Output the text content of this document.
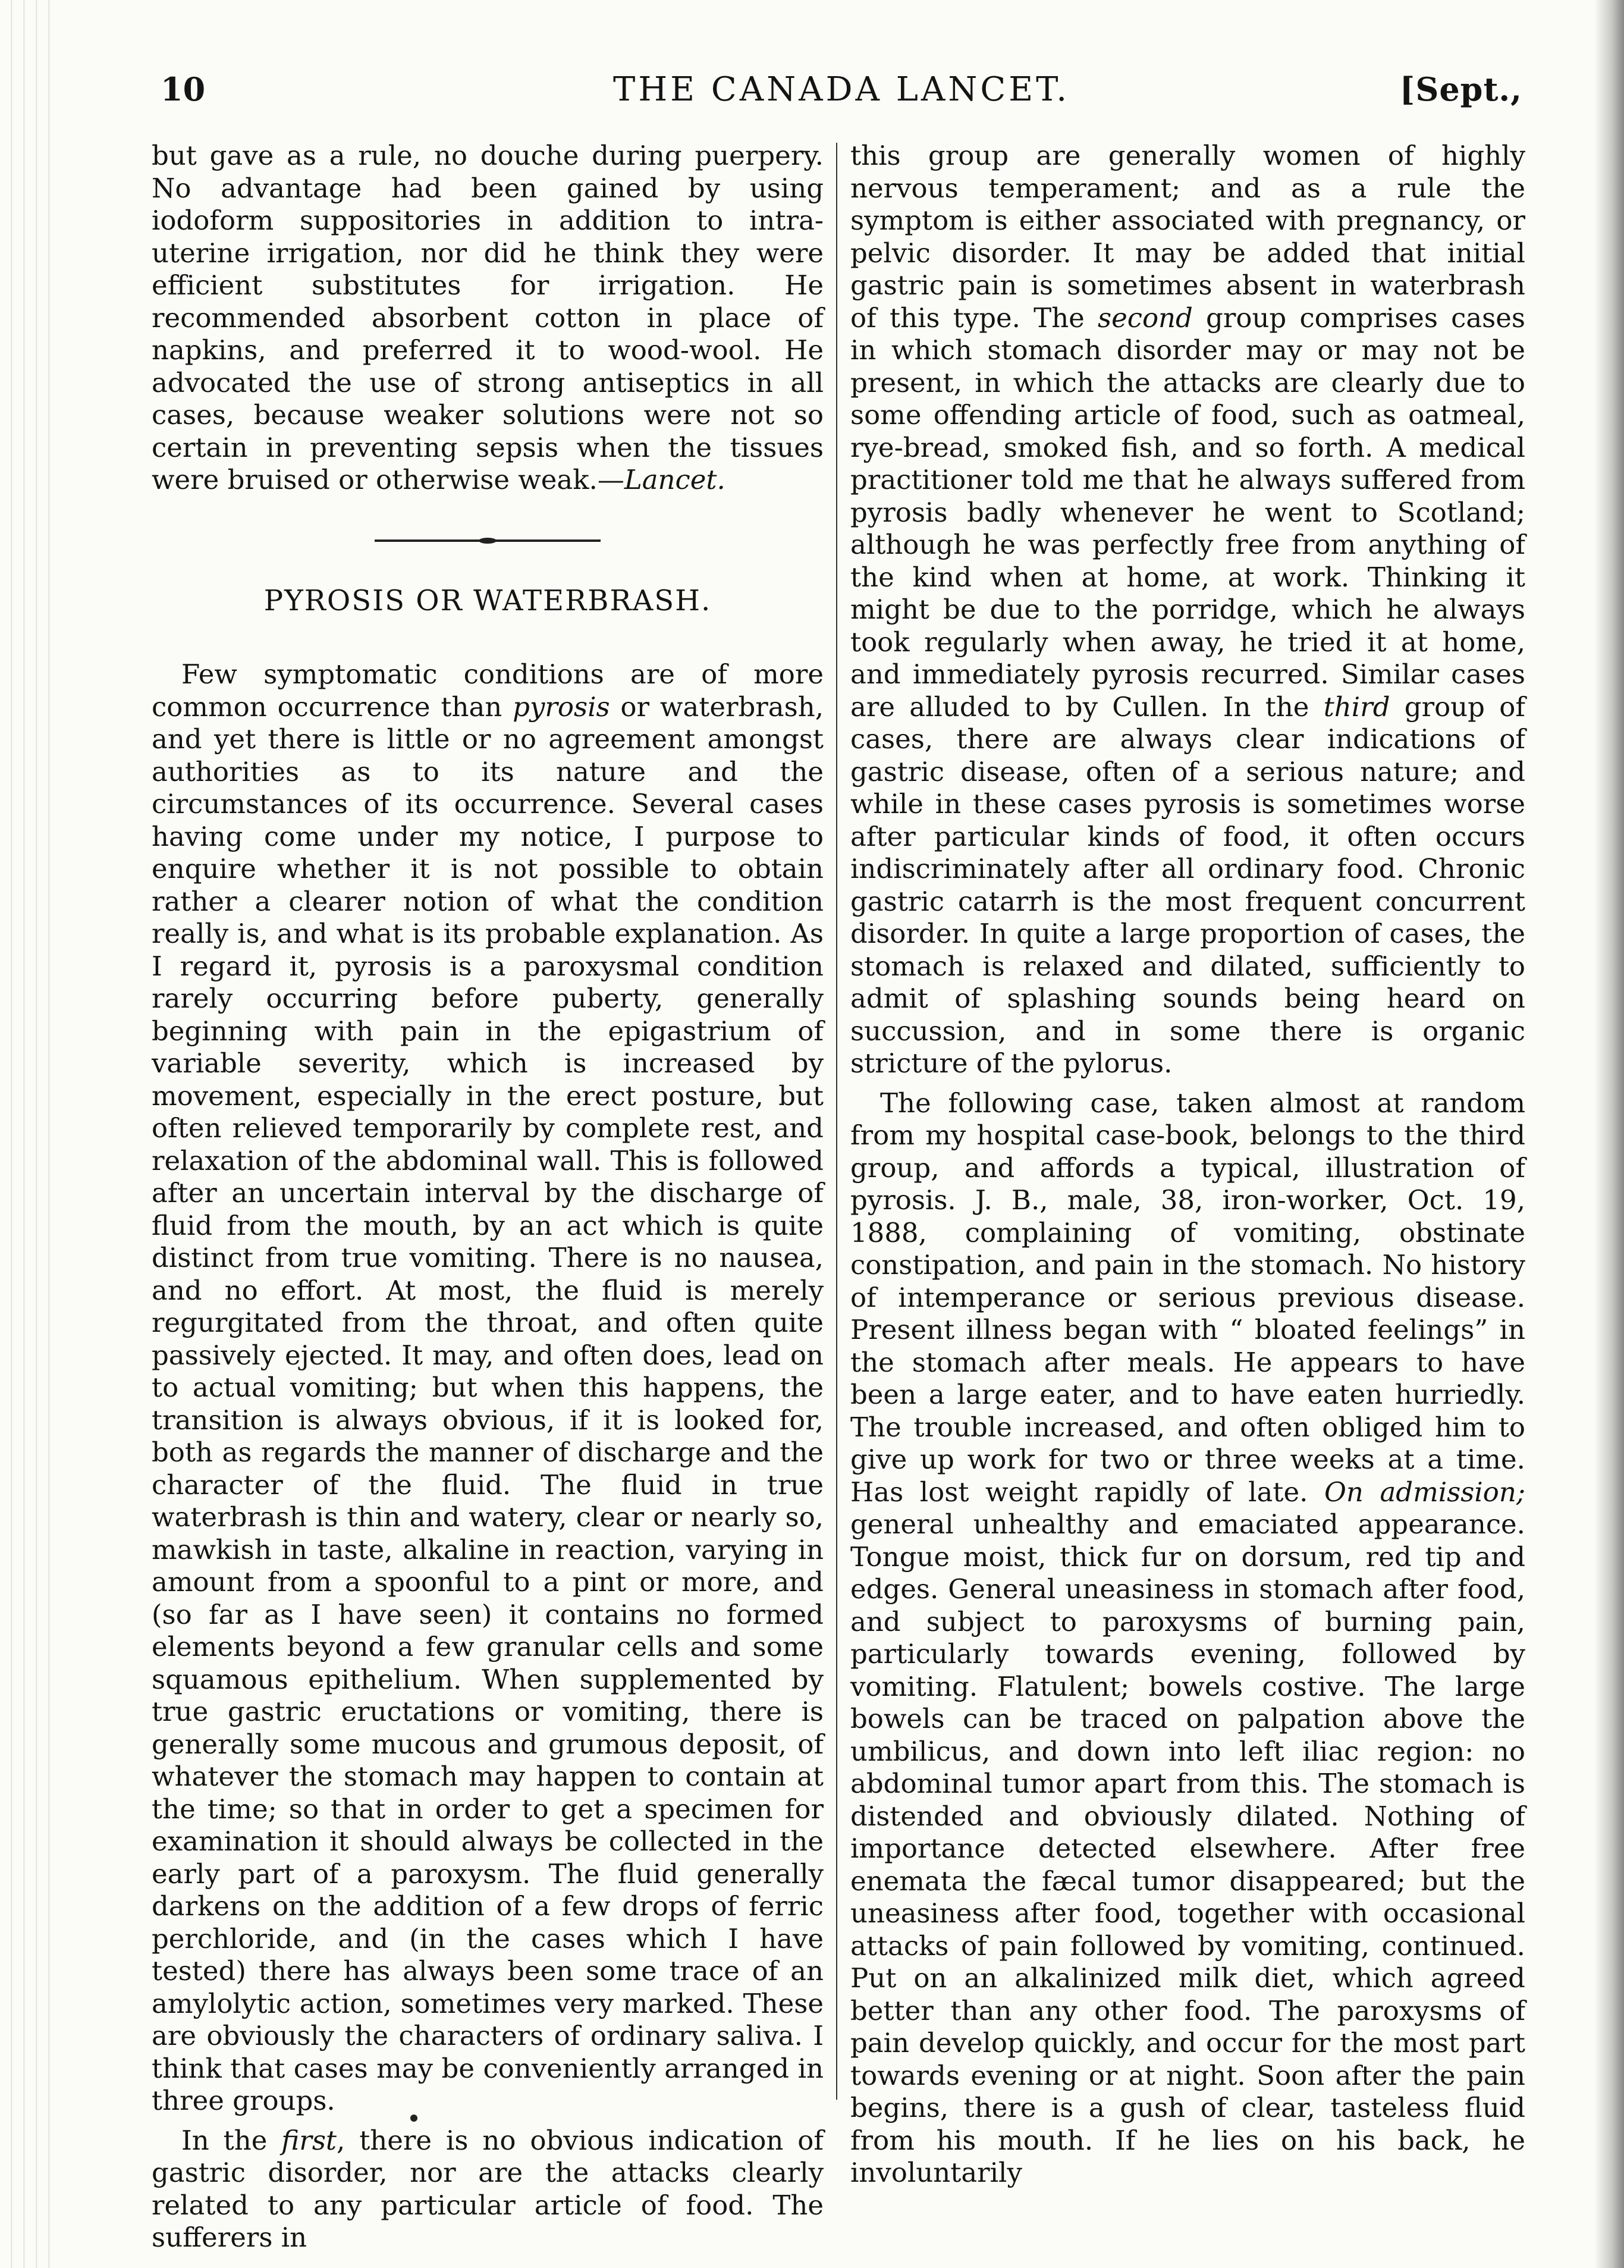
10	THE CANADA LANCET.	[Sept.,

but gave as a rule, no douche during puerpery. No advantage had been gained by using iodoform suppositories in addition to intra-uterine irrigation, nor did he think they were efficient substitutes for irrigation. He recommended absorbent cotton in place of napkins, and preferred it to wood-wool. He advocated the use of strong antiseptics in all cases, because weaker solutions were not so certain in preventing sepsis when the tissues were bruised or otherwise weak.—Lancet.

PYROSIS OR WATERBRASH.

Few symptomatic conditions are of more common occurrence than pyrosis or waterbrash, and yet there is little or no agreement amongst authorities as to its nature and the circumstances of its occurrence. Several cases having come under my notice, I purpose to enquire whether it is not possible to obtain rather a clearer notion of what the condition really is, and what is its probable explanation. As I regard it, pyrosis is a paroxysmal condition rarely occurring before puberty, generally beginning with pain in the epigastrium of variable severity, which is increased by movement, especially in the erect posture, but often relieved temporarily by complete rest, and relaxation of the abdominal wall. This is followed after an uncertain interval by the discharge of fluid from the mouth, by an act which is quite distinct from true vomiting. There is no nausea, and no effort. At most, the fluid is merely regurgitated from the throat, and often quite passively ejected. It may, and often does, lead on to actual vomiting; but when this happens, the transition is always obvious, if it is looked for, both as regards the manner of discharge and the character of the fluid. The fluid in true waterbrash is thin and watery, clear or nearly so, mawkish in taste, alkaline in reaction, varying in amount from a spoonful to a pint or more, and (so far as I have seen) it contains no formed elements beyond a few granular cells and some squamous epithelium. When supplemented by true gastric eructations or vomiting, there is generally some mucous and grumous deposit, of whatever the stomach may happen to contain at the time; so that in order to get a specimen for examination it should always be collected in the early part of a paroxysm. The fluid generally darkens on the addition of a few drops of ferric perchloride, and (in the cases which I have tested) there has always been some trace of an amylolytic action, sometimes very marked. These are obviously the characters of ordinary saliva. I think that cases may be conveniently arranged in three groups.

In the first, there is no obvious indication of gastric disorder, nor are the attacks clearly related to any particular article of food. The sufferers in

this group are generally women of highly nervous temperament; and as a rule the symptom is either associated with pregnancy, or pelvic disorder. It may be added that initial gastric pain is sometimes absent in waterbrash of this type. The second group comprises cases in which stomach disorder may or may not be present, in which the attacks are clearly due to some offending article of food, such as oatmeal, rye-bread, smoked fish, and so forth. A medical practitioner told me that he always suffered from pyrosis badly whenever he went to Scotland; although he was perfectly free from anything of the kind when at home, at work. Thinking it might be due to the porridge, which he always took regularly when away, he tried it at home, and immediately pyrosis recurred. Similar cases are alluded to by Cullen. In the third group of cases, there are always clear indications of gastric disease, often of a serious nature; and while in these cases pyrosis is sometimes worse after particular kinds of food, it often occurs indiscriminately after all ordinary food. Chronic gastric catarrh is the most frequent concurrent disorder. In quite a large proportion of cases, the stomach is relaxed and dilated, sufficiently to admit of splashing sounds being heard on succussion, and in some there is organic stricture of the pylorus.

The following case, taken almost at random from my hospital case-book, belongs to the third group, and affords a typical, illustration of pyrosis. J. B., male, 38, iron-worker, Oct. 19, 1888, complaining of vomiting, obstinate constipation, and pain in the stomach. No history of intemperance or serious previous disease. Present illness began with “ bloated feelings” in the stomach after meals. He appears to have been a large eater, and to have eaten hurriedly. The trouble increased, and often obliged him to give up work for two or three weeks at a time. Has lost weight rapidly of late. On admission; general unhealthy and emaciated appearance. Tongue moist, thick fur on dorsum, red tip and edges. General uneasiness in stomach after food, and subject to paroxysms of burning pain, particularly towards evening, followed by vomiting. Flatulent; bowels costive. The large bowels can be traced on palpation above the umbilicus, and down into left iliac region: no abdominal tumor apart from this. The stomach is distended and obviously dilated. Nothing of importance detected elsewhere. After free enemata the fæcal tumor disappeared; but the uneasiness after food, together with occasional attacks of pain followed by vomiting, continued. Put on an alkalinized milk diet, which agreed better than any other food. The paroxysms of pain develop quickly, and occur for the most part towards evening or at night. Soon after the pain begins, there is a gush of clear, tasteless fluid from his mouth. If he lies on his back, he involuntarily
